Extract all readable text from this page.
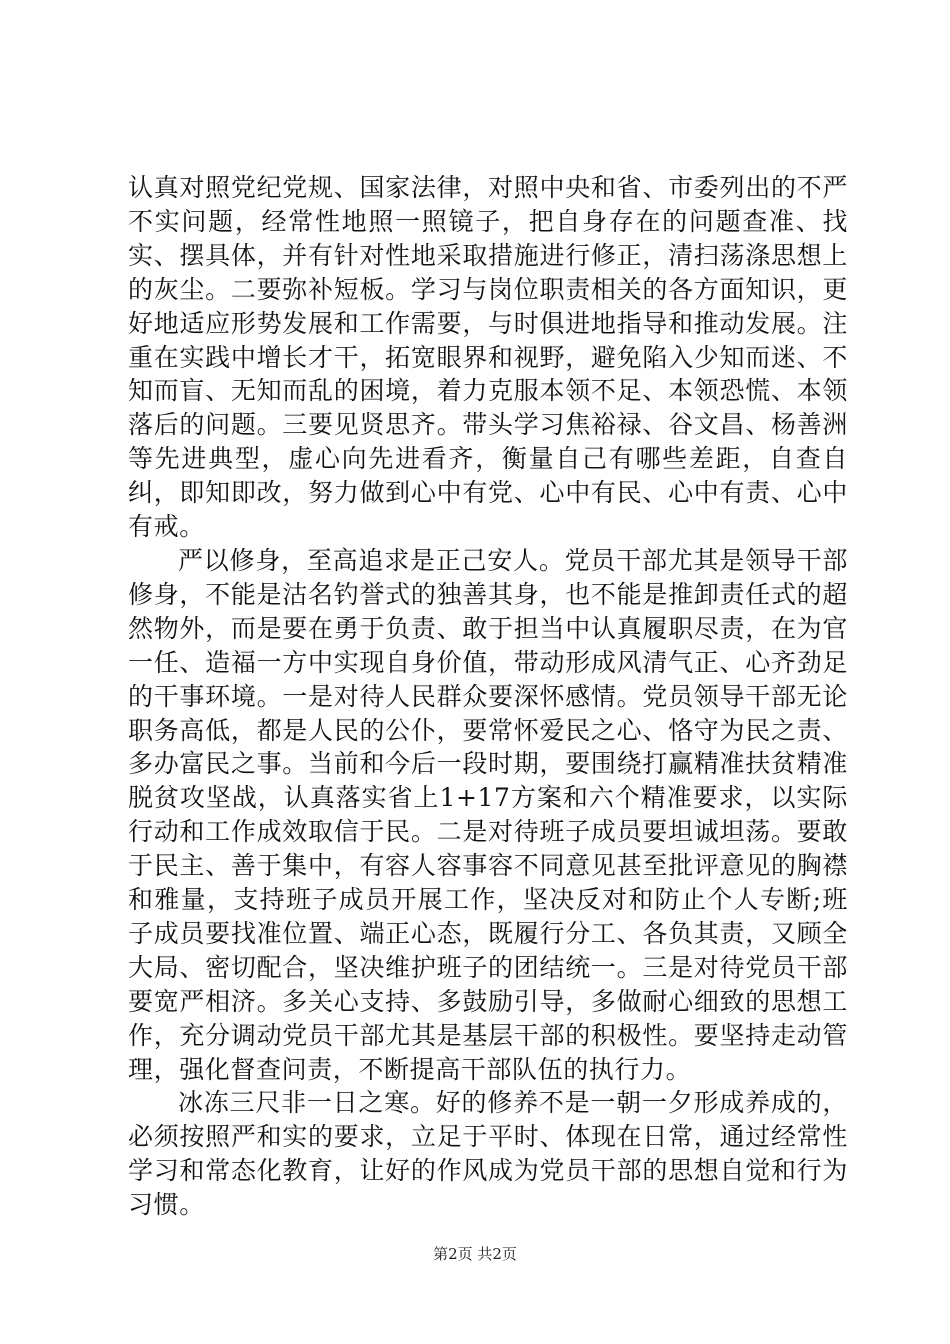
认真对照党纪党规、国家法律，对照中央和省、市委列出的不严不实问题，经常性地照一照镜子，把自身存在的问题查准、找实、摆具体，并有针对性地采取措施进行修正，清扫荡涤思想上的灰尘。二要弥补短板。学习与岗位职责相关的各方面知识，更好地适应形势发展和工作需要，与时俱进地指导和推动发展。注重在实践中增长才干，拓宽眼界和视野，避免陷入少知而迷、不知而盲、无知而乱的困境，着力克服本领不足、本领恐慌、本领落后的问题。三要见贤思齐。带头学习焦裕禄、谷文昌、杨善洲等先进典型，虚心向先进看齐，衡量自己有哪些差距，自查自纠，即知即改，努力做到心中有党、心中有民、心中有责、心中有戒。

严以修身，至高追求是正己安人。党员干部尤其是领导干部修身，不能是沽名钓誉式的独善其身，也不能是推卸责任式的超然物外，而是要在勇于负责、敢于担当中认真履职尽责，在为官一任、造福一方中实现自身价值，带动形成风清气正、心齐劲足的干事环境。一是对待人民群众要深怀感情。党员领导干部无论职务高低，都是人民的公仆，要常怀爱民之心、恪守为民之责、多办富民之事。当前和今后一段时期，要围绕打赢精准扶贫精准脱贫攻坚战，认真落实省上1+17方案和六个精准要求，以实际行动和工作成效取信于民。二是对待班子成员要坦诚坦荡。要敢于民主、善于集中，有容人容事容不同意见甚至批评意见的胸襟和雅量，支持班子成员开展工作，坚决反对和防止个人专断;班子成员要找准位置、端正心态，既履行分工、各负其责，又顾全大局、密切配合，坚决维护班子的团结统一。三是对待党员干部要宽严相济。多关心支持、多鼓励引导，多做耐心细致的思想工作，充分调动党员干部尤其是基层干部的积极性。要坚持走动管理，强化督查问责，不断提高干部队伍的执行力。

冰冻三尺非一日之寒。好的修养不是一朝一夕形成养成的，必须按照严和实的要求，立足于平时、体现在日常，通过经常性学习和常态化教育，让好的作风成为党员干部的思想自觉和行为习惯。

第2页 共2页
